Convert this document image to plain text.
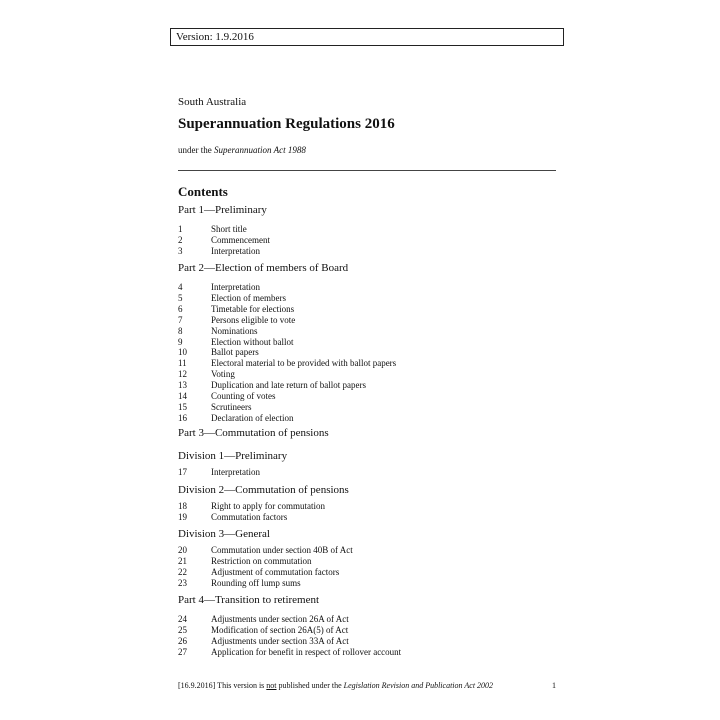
Version: 1.9.2016
South Australia
Superannuation Regulations 2016
under the Superannuation Act 1988
Contents
Part 1—Preliminary
1	Short title
2	Commencement
3	Interpretation
Part 2—Election of members of Board
4	Interpretation
5	Election of members
6	Timetable for elections
7	Persons eligible to vote
8	Nominations
9	Election without ballot
10	Ballot papers
11	Electoral material to be provided with ballot papers
12	Voting
13	Duplication and late return of ballot papers
14	Counting of votes
15	Scrutineers
16	Declaration of election
Part 3—Commutation of pensions
Division 1—Preliminary
17	Interpretation
Division 2—Commutation of pensions
18	Right to apply for commutation
19	Commutation factors
Division 3—General
20	Commutation under section 40B of Act
21	Restriction on commutation
22	Adjustment of commutation factors
23	Rounding off lump sums
Part 4—Transition to retirement
24	Adjustments under section 26A of Act
25	Modification of section 26A(5) of Act
26	Adjustments under section 33A of Act
27	Application for benefit in respect of rollover account
[16.9.2016] This version is not published under the Legislation Revision and Publication Act 2002	1
